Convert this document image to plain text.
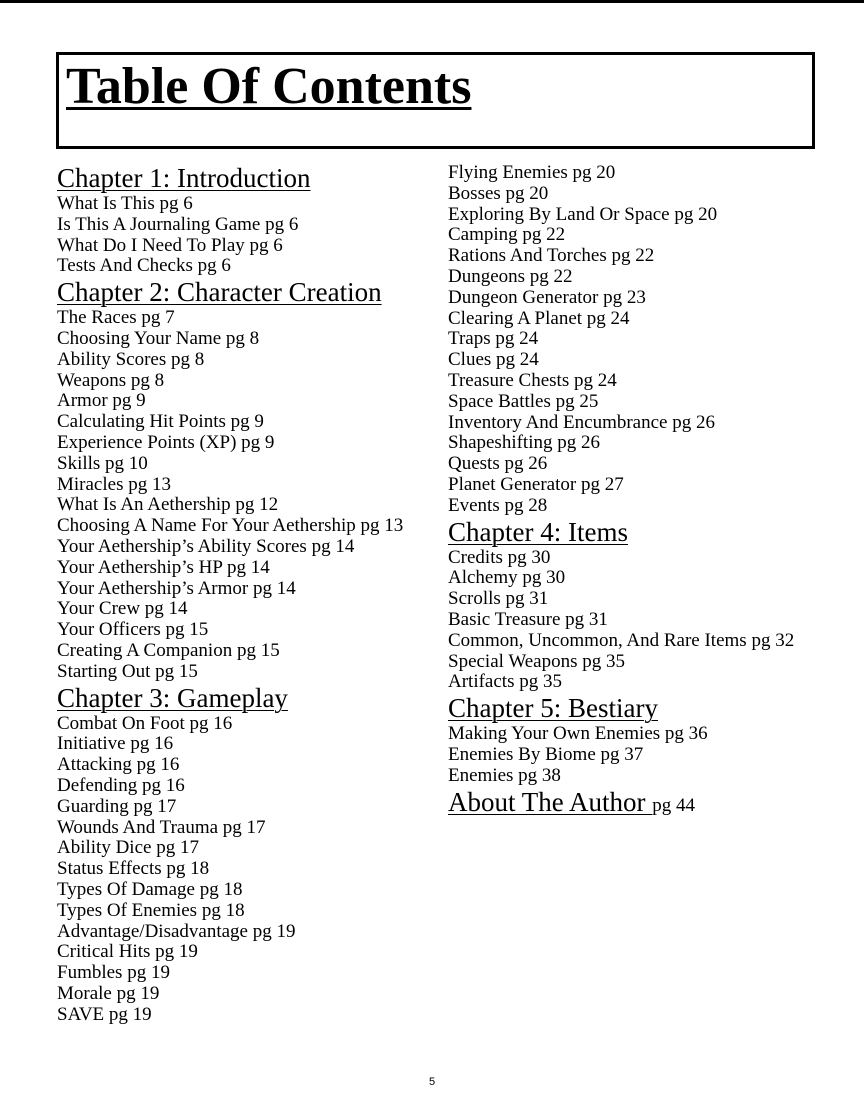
Table Of Contents
Chapter 1: Introduction
What Is This pg 6
Is This A Journaling Game pg 6
What Do I Need To Play pg 6
Tests And Checks pg 6
Chapter 2: Character Creation
The Races pg 7
Choosing Your Name pg 8
Ability Scores pg 8
Weapons pg 8
Armor pg 9
Calculating Hit Points pg 9
Experience Points (XP) pg 9
Skills pg 10
Miracles pg 13
What Is An Aethership pg 12
Choosing A Name For Your Aethership pg 13
Your Aethership’s Ability Scores pg 14
Your Aethership’s HP pg 14
Your Aethership’s Armor pg 14
Your Crew pg 14
Your Officers pg 15
Creating A Companion pg 15
Starting Out pg 15
Chapter 3: Gameplay
Combat On Foot pg 16
Initiative pg 16
Attacking pg 16
Defending pg 16
Guarding pg 17
Wounds And Trauma pg 17
Ability Dice pg 17
Status Effects pg 18
Types Of Damage pg 18
Types Of Enemies pg 18
Advantage/Disadvantage pg 19
Critical Hits pg 19
Fumbles pg 19
Morale pg 19
SAVE pg 19
Flying Enemies pg 20
Bosses pg 20
Exploring By Land Or Space pg 20
Camping pg 22
Rations And Torches pg 22
Dungeons pg 22
Dungeon Generator pg 23
Clearing A Planet pg 24
Traps pg 24
Clues pg 24
Treasure Chests pg 24
Space Battles pg 25
Inventory And Encumbrance pg 26
Shapeshifting pg 26
Quests pg 26
Planet Generator pg 27
Events pg 28
Chapter 4: Items
Credits pg 30
Alchemy pg 30
Scrolls pg 31
Basic Treasure pg 31
Common, Uncommon, And Rare Items pg 32
Special Weapons pg 35
Artifacts pg 35
Chapter 5: Bestiary
Making Your Own Enemies pg 36
Enemies By Biome pg 37
Enemies pg 38
About The Author pg 44
5
